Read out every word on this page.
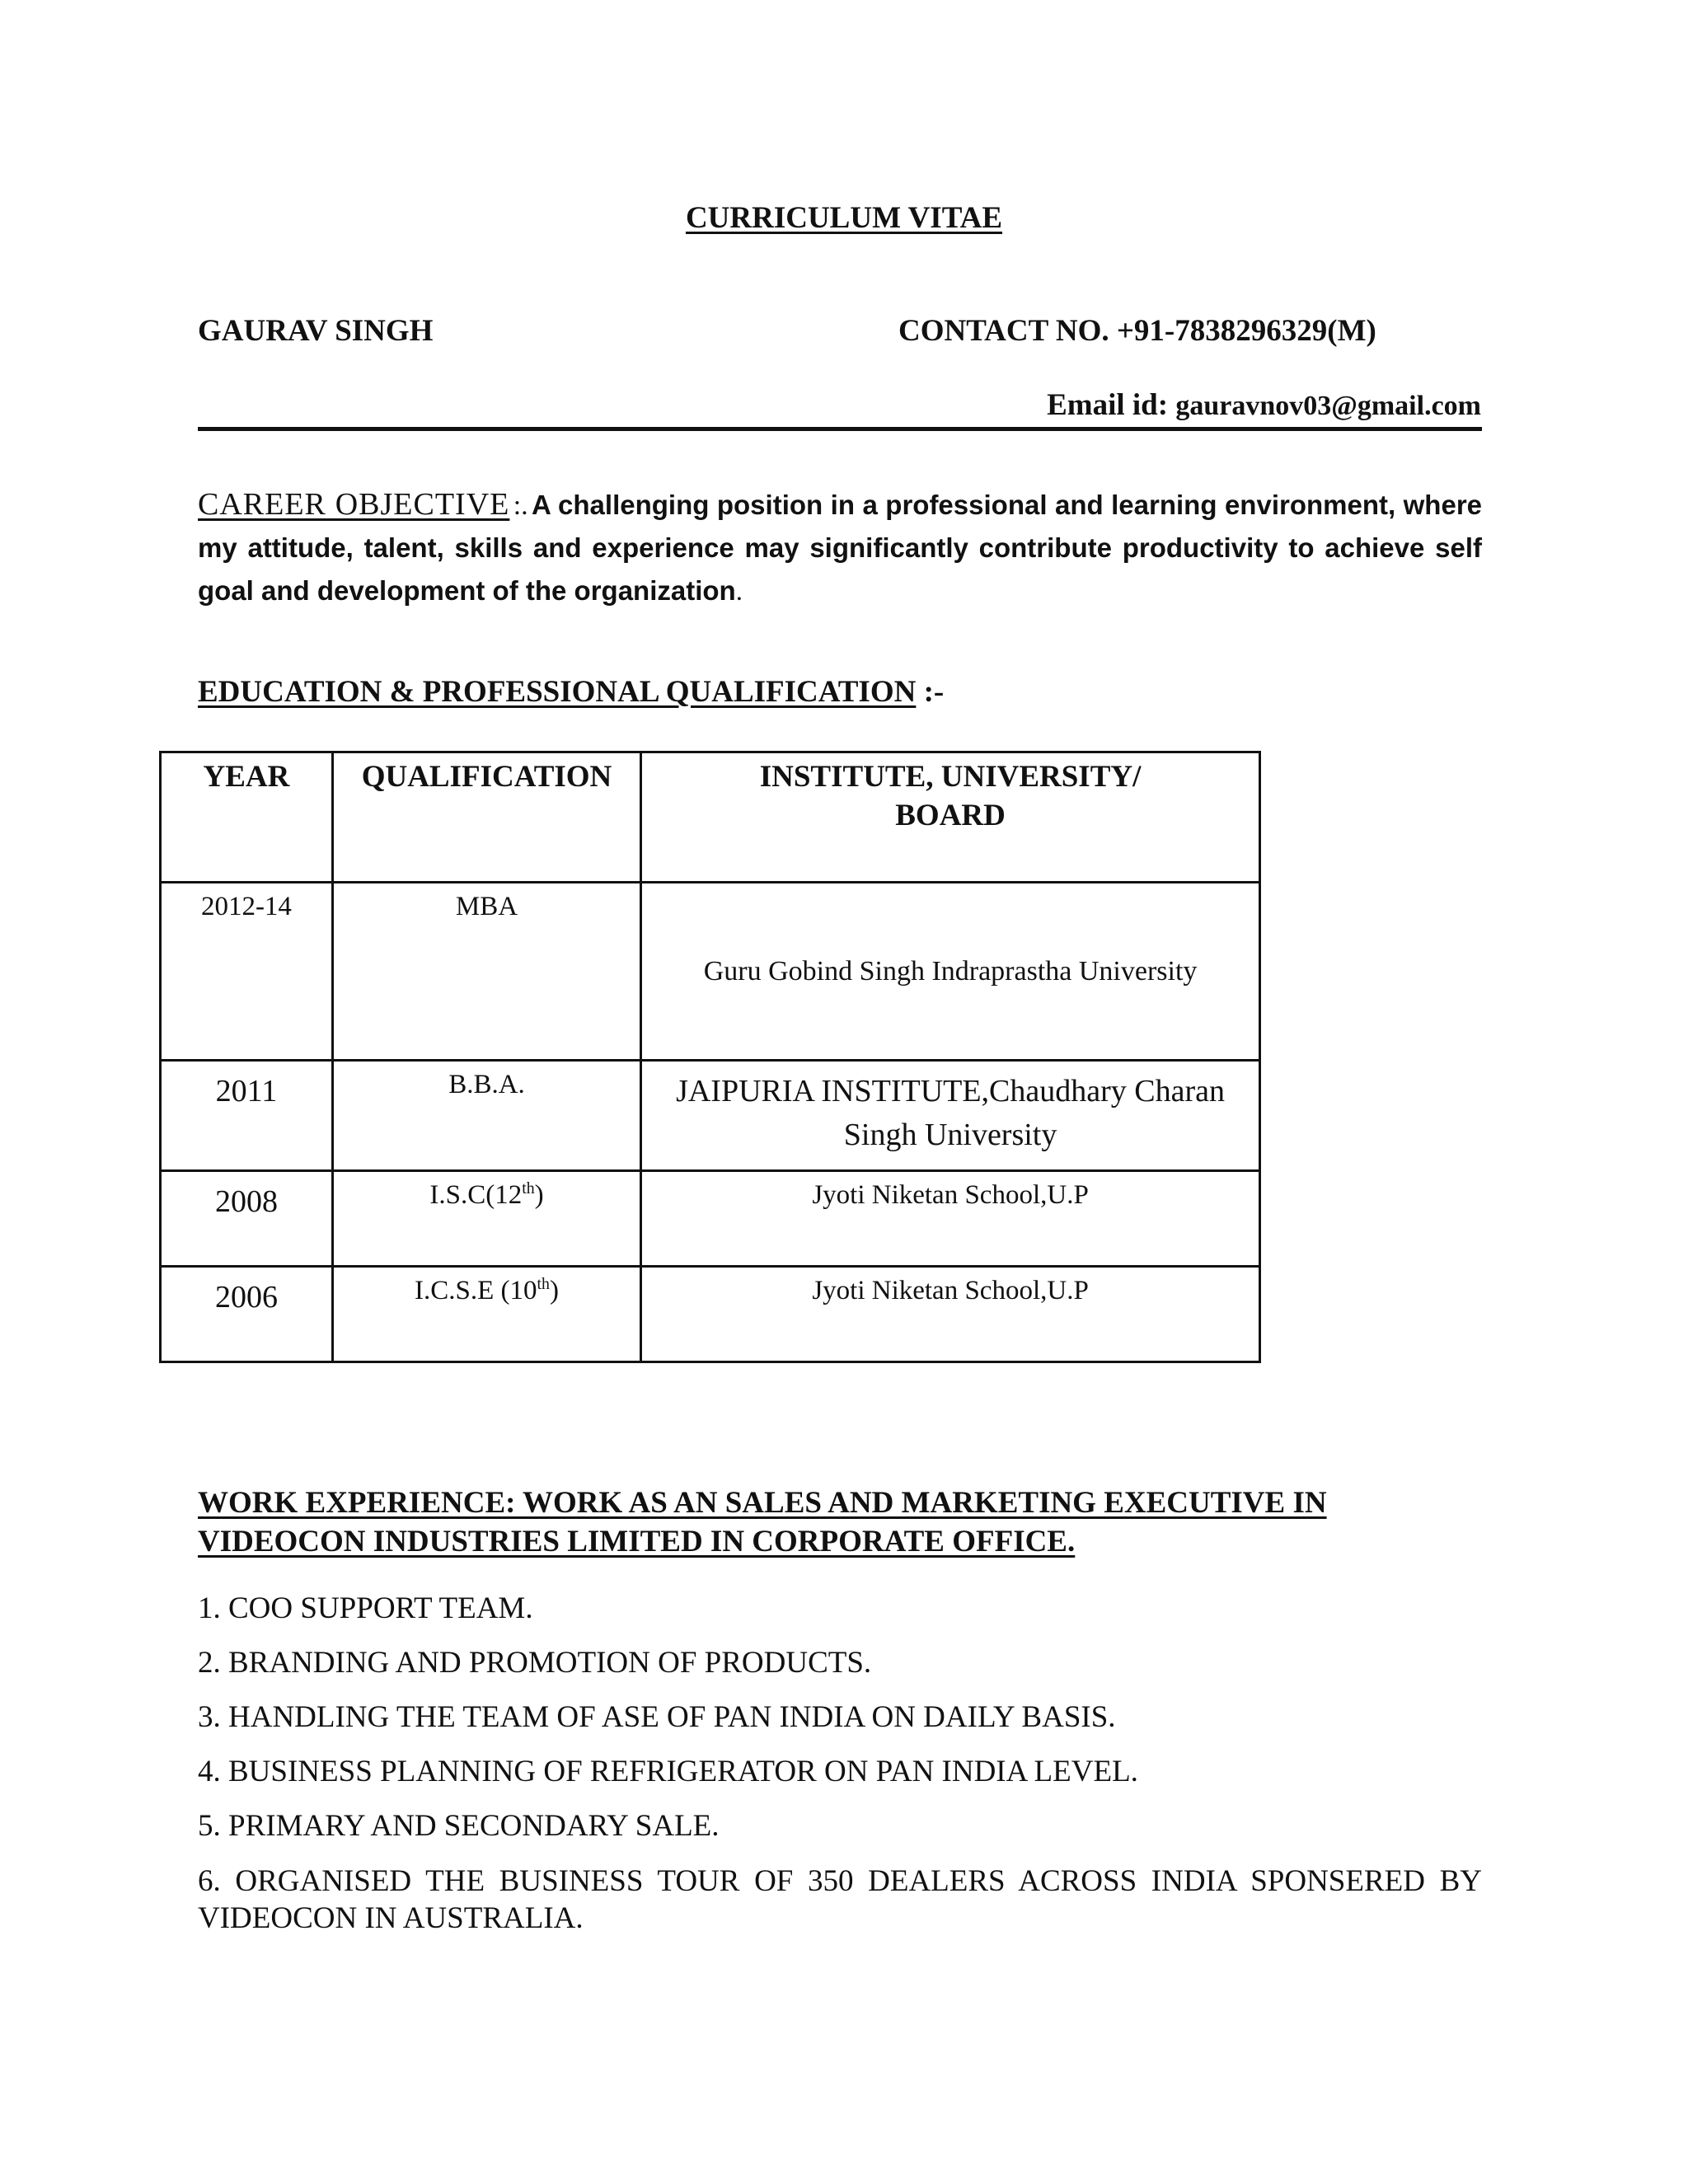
CURRICULUM VITAE
GAURAV SINGH	CONTACT NO. +91-7838296329(M)
Email id: gauravnov03@gmail.com
CAREER OBJECTIVE :. A challenging position in a professional and learning environment, where my attitude, talent, skills and experience may significantly contribute productivity to achieve self goal and development of the organization.
EDUCATION & PROFESSIONAL QUALIFICATION :-
YEAR	QUALIFICATION	INSTITUTE, UNIVERSITY/
BOARD
2012-14	MBA	Guru Gobind Singh Indraprastha University
2011	B.B.A.	JAIPURIA INSTITUTE,Chaudhary Charan Singh University
2008	I.S.C(12th)	Jyoti Niketan School,U.P
2006	I.C.S.E (10th)	Jyoti Niketan School,U.P
WORK EXPERIENCE: WORK AS AN SALES AND MARKETING EXECUTIVE IN
VIDEOCON INDUSTRIES LIMITED IN CORPORATE OFFICE.
1. COO SUPPORT TEAM.
2. BRANDING AND PROMOTION OF PRODUCTS.
3. HANDLING THE TEAM OF ASE OF PAN INDIA ON DAILY BASIS.
4. BUSINESS PLANNING OF REFRIGERATOR ON PAN INDIA LEVEL.
5. PRIMARY AND SECONDARY SALE.
6. ORGANISED THE BUSINESS TOUR OF 350 DEALERS ACROSS INDIA SPONSERED BY VIDEOCON IN AUSTRALIA.
